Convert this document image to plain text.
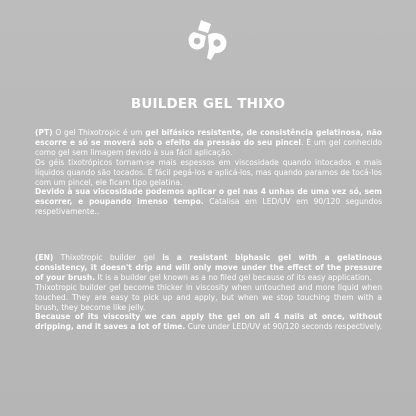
BUILDER GEL THIXO

(PT) O gel Thixotropic é um gel bifásico resistente, de consistência gelatinosa, não escorre e só se moverá sob o efeito da pressão do seu pincel. É um gel conhecido como gel sem limagem devido à sua fácil aplicação.
Os géis tixotrópicos tornam-se mais espessos em viscosidade quando intocados e mais líquidos quando são tocados. É fácil pegá-los e aplicá-los, mas quando paramos de tocá-los com um pincel, ele ficam tipo gelatina.
Devido à sua viscosidade podemos aplicar o gel nas 4 unhas de uma vez só, sem escorrer, e poupando imenso tempo. Catalisa em LED/UV em 90/120 segundos respetivamente..

(EN) Thixotropic builder gel is a resistant biphasic gel with a gelatinous consistency, it doesn't drip and will only move under the effect of the pressure of your brush. It is a builder gel known as a no filed gel because of its easy application.
Thixotropic builder gel become thicker in viscosity when untouched and more liquid when touched. They are easy to pick up and apply, but when we stop touching them with a brush, they become like jelly.
Because of its viscosity we can apply the gel on all 4 nails at once, without dripping, and it saves a lot of time. Cure under LED/UV at 90/120 seconds respectively.
